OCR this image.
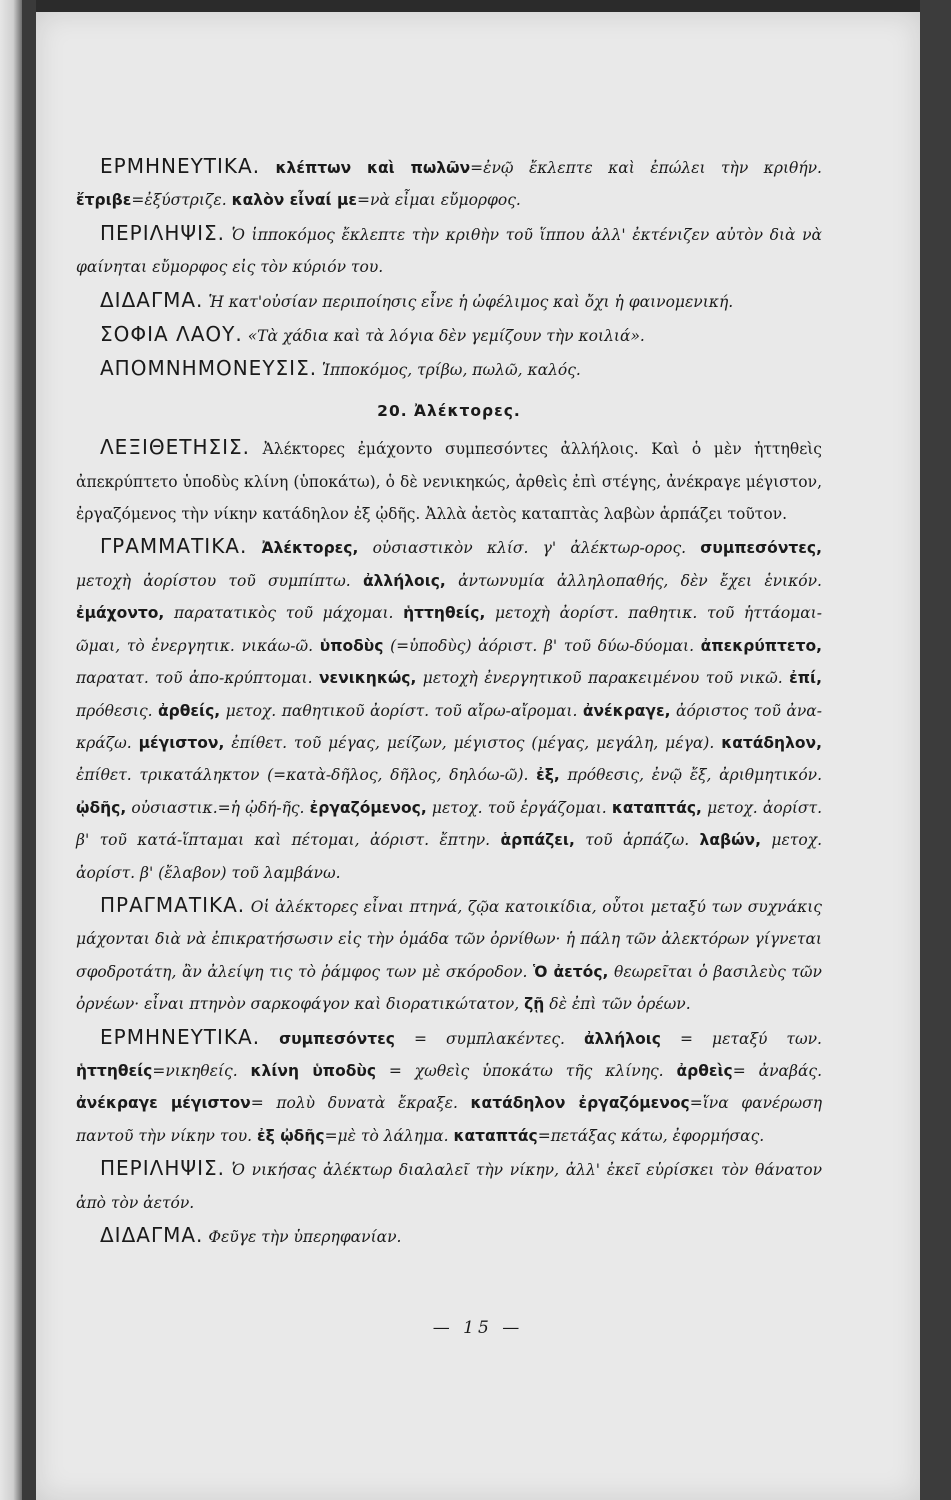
ΕΡΜΗΝΕΥΤΙΚΑ. κλέπτων καὶ πωλῶν=ἐνῷ ἔκλεπτε καὶ ἐπώλει τὴν κριθήν. ἔτριβε=ἐξύστριζε. καλὸν εἶναί με=νὰ εἶμαι εὔμορφος.

ΠΕΡΙΛΗΨΙΣ. Ὁ ἱπποκόμος ἔκλεπτε τὴν κριθὴν τοῦ ἵππου ἀλλ' ἐκτένιζεν αὐτὸν διὰ νὰ φαίνηται εὔμορφος εἰς τὸν κύριόν του.

ΔΙΔΑΓΜΑ. Ἡ κατ'οὐσίαν περιποίησις εἶνε ἡ ὠφέλιμος καὶ ὄχι ἡ φαινομενική.

ΣΟΦΙΑ ΛΑΟΥ. «Τὰ χάδια καὶ τὰ λόγια δὲν γεμίζουν τὴν κοιλιά».

ΑΠΟΜΝΗΜΟΝΕΥΣΙΣ. Ἱπποκόμος, τρίβω, πωλῶ, καλός.

20. Ἀλέκτορες.

ΛΕΞΙΘΕΤΗΣΙΣ. Ἀλέκτορες ἐμάχοντο συμπεσόντες ἀλλήλοις. Καὶ ὁ μὲν ἡττηθεὶς ἀπεκρύπτετο ὑποδὺς κλίνη (ὑποκάτω), ὁ δὲ νενικηκώς, ἀρθεὶς ἐπὶ στέγης, ἀνέκραγε μέγιστον, ἐργαζόμενος τὴν νίκην κατάδηλον ἐξ ᾠδῆς. Ἀλλὰ ἀετὸς καταπτὰς λαβὼν ἁρπάζει τοῦτον.

ΓΡΑΜΜΑΤΙΚΑ. Ἀλέκτορες, οὐσιαστικὸν κλίσ. γ' ἀλέκτωρ-ορος. συμπεσόντες, μετοχὴ ἀορίστου τοῦ συμπίπτω. ἀλλήλοις, ἀντωνυμία ἀλληλοπαθής, δὲν ἔχει ἑνικόν. ἐμάχοντο, παρατατικὸς τοῦ μάχομαι. ἡττηθείς, μετοχὴ ἀορίστ. παθητικ. τοῦ ἡττάομαι-ῶμαι, τὸ ἐνεργητικ. νικάω-ῶ. ὑποδὺς (=ὑποδὺς) ἀόριστ. β' τοῦ δύω-δύομαι. ἀπεκρύπτετο, παρατατ. τοῦ ἀπο-κρύπτομαι. νενικηκώς, μετοχὴ ἐνεργητικοῦ παρακειμένου τοῦ νικῶ. ἐπί, πρόθεσις. ἀρθείς, μετοχ. παθητικοῦ ἀορίστ. τοῦ αἴρω-αἴρομαι. ἀνέκραγε, ἀόριστος τοῦ ἀνα-κράζω. μέγιστον, ἐπίθετ. τοῦ μέγας, μείζων, μέγιστος (μέγας, μεγάλη, μέγα). κατάδηλον, ἐπίθετ. τρικατάληκτον (=κατὰ-δῆλος, δῆλος, δηλόω-ῶ). ἐξ, πρόθεσις, ἐνῷ ἔξ, ἀριθμητικόν. ᾠδῆς, οὐσιαστικ.=ἡ ᾠδή-ῆς. ἐργαζόμενος, μετοχ. τοῦ ἐργάζομαι. καταπτάς, μετοχ. ἀορίστ. β' τοῦ κατά-ἵπταμαι καὶ πέτομαι, ἀόριστ. ἔπτην. ἁρπάζει, τοῦ ἁρπάζω. λαβών, μετοχ. ἀορίστ. β' (ἔλαβον) τοῦ λαμβάνω.

ΠΡΑΓΜΑΤΙΚΑ. Οἱ ἀλέκτορες εἶναι πτηνά, ζῷα κατοικίδια, οὗτοι μεταξύ των συχνάκις μάχονται διὰ νὰ ἐπικρατήσωσιν εἰς τὴν ὁμάδα τῶν ὀρνίθων· ἡ πάλη τῶν ἀλεκτόρων γίγνεται σφοδροτάτη, ἂν ἀλείψη τις τὸ ῥάμφος των μὲ σκόροδον. Ὁ ἀετός, θεωρεῖται ὁ βασιλεὺς τῶν ὀρνέων· εἶναι πτηνὸν σαρκοφάγον καὶ διορατικώτατον, ζῇ δὲ ἐπὶ τῶν ὀρέων.

ΕΡΜΗΝΕΥΤΙΚΑ. συμπεσόντες = συμπλακέντες. ἀλλήλοις = μεταξύ των. ἡττηθείς=νικηθείς. κλίνη ὑποδὺς = χωθεὶς ὑποκάτω τῆς κλίνης. ἀρθεὶς= ἀναβάς. ἀνέκραγε μέγιστον= πολὺ δυνατὰ ἔκραξε. κατάδηλον ἐργαζόμενος=ἵνα φανέρωση παντοῦ τὴν νίκην του. ἐξ ᾠδῆς=μὲ τὸ λάλημα. καταπτάς=πετάξας κάτω, ἐφορμήσας.

ΠΕΡΙΛΗΨΙΣ. Ὁ νικήσας ἀλέκτωρ διαλαλεῖ τὴν νίκην, ἀλλ' ἐκεῖ εὑρίσκει τὸν θάνατον ἀπὸ τὸν ἀετόν.

ΔΙΔΑΓΜΑ. Φεῦγε τὴν ὑπερηφανίαν.

— 15 —
